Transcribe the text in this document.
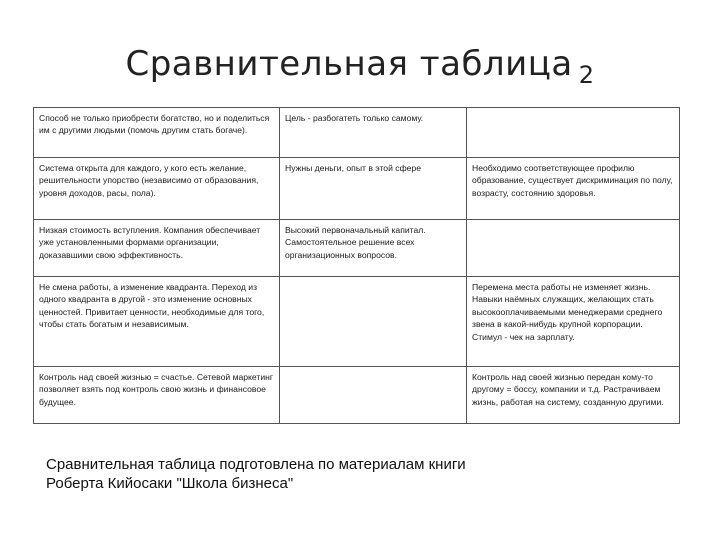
Сравнительная таблица $_2$
Способ не только приобрести богатство, но и поделиться им с другими людьми (помочь другим стать богаче).	Цель - разбогатеть только самому.	
Система открыта для каждого, у кого есть желание, решительности упорство (независимо от образования, уровня доходов, расы, пола).	Нужны деньги, опыт в этой сфере	Необходимо соответствующее профилю образование, существует дискриминация по полу, возрасту, состоянию здоровья.
Низкая стоимость вступления. Компания обеспечивает уже установленными формами организации, доказавшими свою эффективность.	Высокий первоначальный капитал. Самостоятельное решение всех организационных вопросов.	
Не смена работы, а изменение квадранта. Переход из одного квадранта в другой - это изменение основных ценностей. Привитает ценности, необходимые для того, чтобы стать богатым и независимым.		Перемена места работы не изменяет жизнь. Навыки наёмных служащих, желающих стать высокооплачиваемыми менеджерами среднего звена в какой-нибудь крупной корпорации. Стимул - чек на зарплату.
Контроль над своей жизнью = счастье. Сетевой маркетинг позволяет взять под контроль свою жизнь и финансовое будущее.		Контроль над своей жизнью передан кому-то другому = боссу, компании и т.д. Растрачиваем жизнь, работая на систему, созданную другими.
Сравнительная таблица подготовлена по материалам книги
Роберта Кийосаки "Школа бизнеса"
